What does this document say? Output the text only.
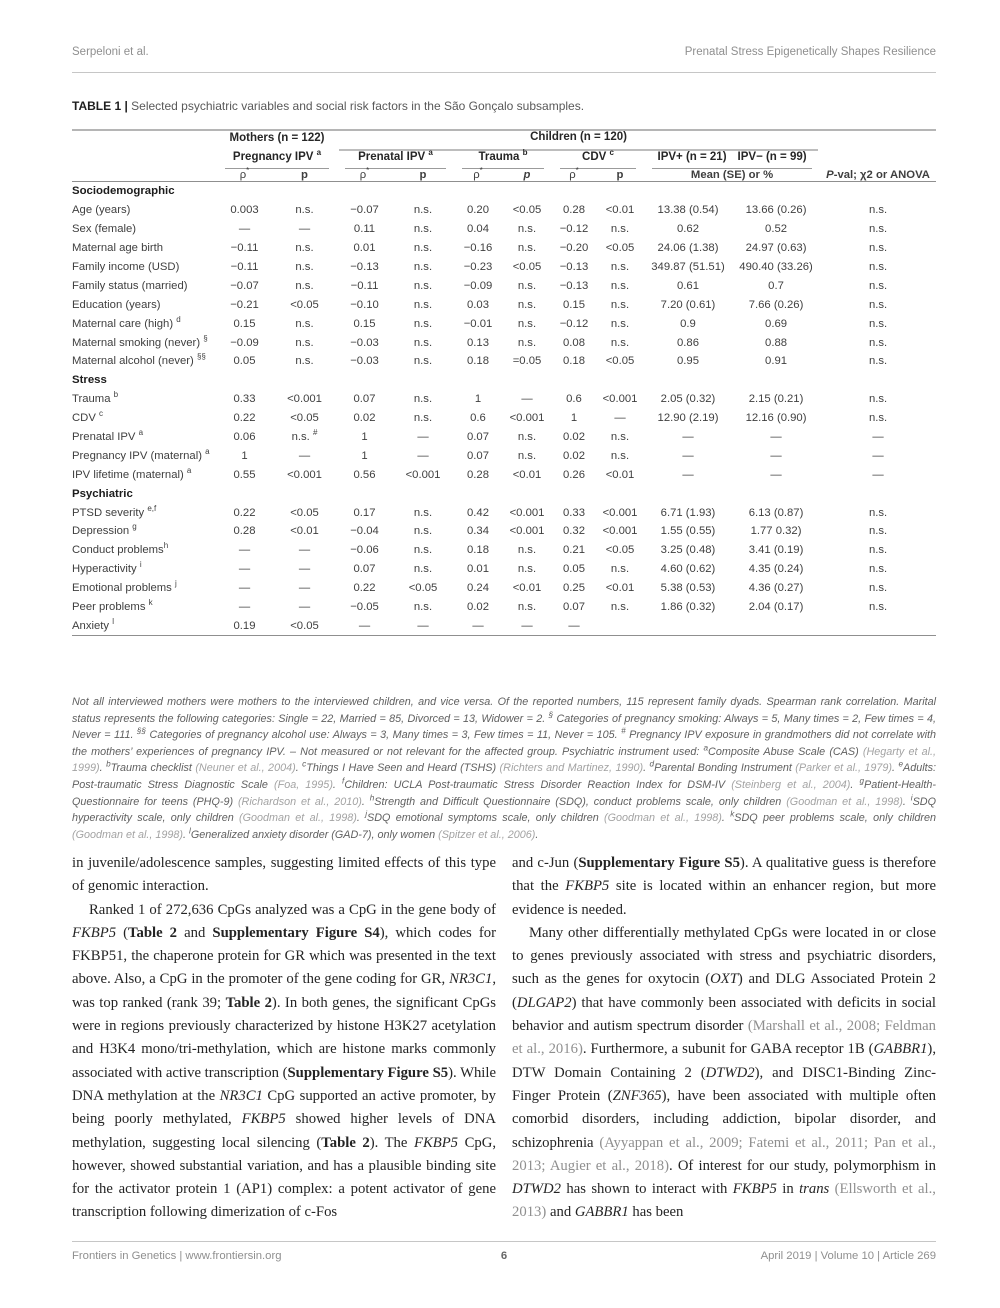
Serpeloni et al.	Prenatal Stress Epigenetically Shapes Resilience
TABLE 1 | Selected psychiatric variables and social risk factors in the São Gonçalo subsamples.

	Mothers (n = 122)		Children (n = 120)								

	Pregnancy IPV $^a$		Prenatal IPV $^a$		Trauma $^b$		CDV $^c$		IPV+ (n = 21) IPV− (n = 99)		

	ρ*	p	ρ*	p	ρ*	p	ρ*	p	Mean (SE) or %		P-val; χ2 or ANOVA
Sociodemographic											
Age (years)	0.003	n.s.	−0.07	n.s.	0.20	<0.05	0.28	<0.01	13.38 (0.54)	13.66 (0.26)	n.s.
Sex (female)	—	—	0.11	n.s.	0.04	n.s.	−0.12	n.s.	0.62	0.52	n.s.
Maternal age birth	−0.11	n.s.	0.01	n.s.	−0.16	n.s.	−0.20	<0.05	24.06 (1.38)	24.97 (0.63)	n.s.
Family income (USD)	−0.11	n.s.	−0.13	n.s.	−0.23	<0.05	−0.13	n.s.	349.87 (51.51)	490.40 (33.26)	n.s.
Family status (married)	−0.07	n.s.	−0.11	n.s.	−0.09	n.s.	−0.13	n.s.	0.61	0.7	n.s.
Education (years)	−0.21	<0.05	−0.10	n.s.	0.03	n.s.	0.15	n.s.	7.20 (0.61)	7.66 (0.26)	n.s.
Maternal care (high) $^d$	0.15	n.s.	0.15	n.s.	−0.01	n.s.	−0.12	n.s.	0.9	0.69	n.s.
Maternal smoking (never) §	−0.09	n.s.	−0.03	n.s.	0.13	n.s.	0.08	n.s.	0.86	0.88	n.s.
Maternal alcohol (never) §§	0.05	n.s.	−0.03	n.s.	0.18	=0.05	0.18	<0.05	0.95	0.91	n.s.
Stress											
Trauma $^b$	0.33	<0.001	0.07	n.s.	1	—	0.6	<0.001	2.05 (0.32)	2.15 (0.21)	n.s.
CDV $^c$	0.22	<0.05	0.02	n.s.	0.6	<0.001	1	—	12.90 (2.19)	12.16 (0.90)	n.s.
Prenatal IPV $^a$	0.06	n.s. #	1	—	0.07	n.s.	0.02	n.s.	—	—	—
Pregnancy IPV (maternal) $^a$	1	—	1	—	0.07	n.s.	0.02	n.s.	—	—	—
IPV lifetime (maternal) $^a$	0.55	<0.001	0.56	<0.001	0.28	<0.01	0.26	<0.01	—	—	—
Psychiatric											
PTSD severity $^{e,f}$	0.22	<0.05	0.17	n.s.	0.42	<0.001	0.33	<0.001	6.71 (1.93)	6.13 (0.87)	n.s.
Depression $^g$	0.28	<0.01	−0.04	n.s.	0.34	<0.001	0.32	<0.001	1.55 (0.55)	1.77 0.32)	n.s.
Conduct problems$^h$	—	—	−0.06	n.s.	0.18	n.s.	0.21	<0.05	3.25 (0.48)	3.41 (0.19)	n.s.
Hyperactivity $^i$	—	—	0.07	n.s.	0.01	n.s.	0.05	n.s.	4.60 (0.62)	4.35 (0.24)	n.s.
Emotional problems $^j$	—	—	0.22	<0.05	0.24	<0.01	0.25	<0.01	5.38 (0.53)	4.36 (0.27)	n.s.
Peer problems $^k$	—	—	−0.05	n.s.	0.02	n.s.	0.07	n.s.	1.86 (0.32)	2.04 (0.17)	n.s.
Anxiety $^l$	0.19	<0.05	—	—	—	—	—				
Not all interviewed mothers were mothers to the interviewed children, and vice versa. Of the reported numbers, 115 represent family dyads. Spearman rank correlation. Marital status represents the following categories: Single = 22, Married = 85, Divorced = 13, Widower = 2. § Categories of pregnancy smoking: Always = 5, Many times = 2, Few times = 4, Never = 111. §§ Categories of pregnancy alcohol use: Always = 3, Many times = 3, Few times = 11, Never = 105. # Pregnancy IPV exposure in grandmothers did not correlate with the mothers’ experiences of pregnancy IPV. – Not measured or not relevant for the affected group. Psychiatric instrument used: $^a$Composite Abuse Scale (CAS) (Hegarty et al., 1999). $^b$Trauma checklist (Neuner et al., 2004). $^c$Things I Have Seen and Heard (TSHS) (Richters and Martinez, 1990). $^d$Parental Bonding Instrument (Parker et al., 1979). $^e$Adults: Post-traumatic Stress Diagnostic Scale (Foa, 1995). $^f$Children: UCLA Post-traumatic Stress Disorder Reaction Index for DSM-IV (Steinberg et al., 2004). $^g$Patient-Health-Questionnaire for teens (PHQ-9) (Richardson et al., 2010). $^h$Strength and Difficult Questionnaire (SDQ), conduct problems scale, only children (Goodman et al., 1998). $^i$SDQ hyperactivity scale, only children (Goodman et al., 1998). $^j$SDQ emotional symptoms scale, only children (Goodman et al., 1998). $^k$SDQ peer problems scale, only children (Goodman et al., 1998). $^l$Generalized anxiety disorder (GAD-7), only women (Spitzer et al., 2006).

in juvenile/adolescence samples, suggesting limited effects of this type of genomic interaction.

Ranked 1 of 272,636 CpGs analyzed was a CpG in the gene body of FKBP5 (Table 2 and Supplementary Figure S4), which codes for FKBP51, the chaperone protein for GR which was presented in the text above. Also, a CpG in the promoter of the gene coding for GR, NR3C1, was top ranked (rank 39; Table 2). In both genes, the significant CpGs were in regions previously characterized by histone H3K27 acetylation and H3K4 mono/tri-methylation, which are histone marks commonly associated with active transcription (Supplementary Figure S5). While DNA methylation at the NR3C1 CpG supported an active promoter, by being poorly methylated, FKBP5 showed higher levels of DNA methylation, suggesting local silencing (Table 2). The FKBP5 CpG, however, showed substantial variation, and has a plausible binding site for the activator protein 1 (AP1) complex: a potent activator of gene transcription following dimerization of c-Fos

and c-Jun (Supplementary Figure S5). A qualitative guess is therefore that the FKBP5 site is located within an enhancer region, but more evidence is needed.

Many other differentially methylated CpGs were located in or close to genes previously associated with stress and psychiatric disorders, such as the genes for oxytocin (OXT) and DLG Associated Protein 2 (DLGAP2) that have commonly been associated with deficits in social behavior and autism spectrum disorder (Marshall et al., 2008; Feldman et al., 2016). Furthermore, a subunit for GABA receptor 1B (GABBR1), DTW Domain Containing 2 (DTWD2), and DISC1-Binding Zinc-Finger Protein (ZNF365), have been associated with multiple often comorbid disorders, including addiction, bipolar disorder, and schizophrenia (Ayyappan et al., 2009; Fatemi et al., 2011; Pan et al., 2013; Augier et al., 2018). Of interest for our study, polymorphism in DTWD2 has shown to interact with FKBP5 in trans (Ellsworth et al., 2013) and GABBR1 has been

Frontiers in Genetics | www.frontiersin.org	6	April 2019 | Volume 10 | Article 269
